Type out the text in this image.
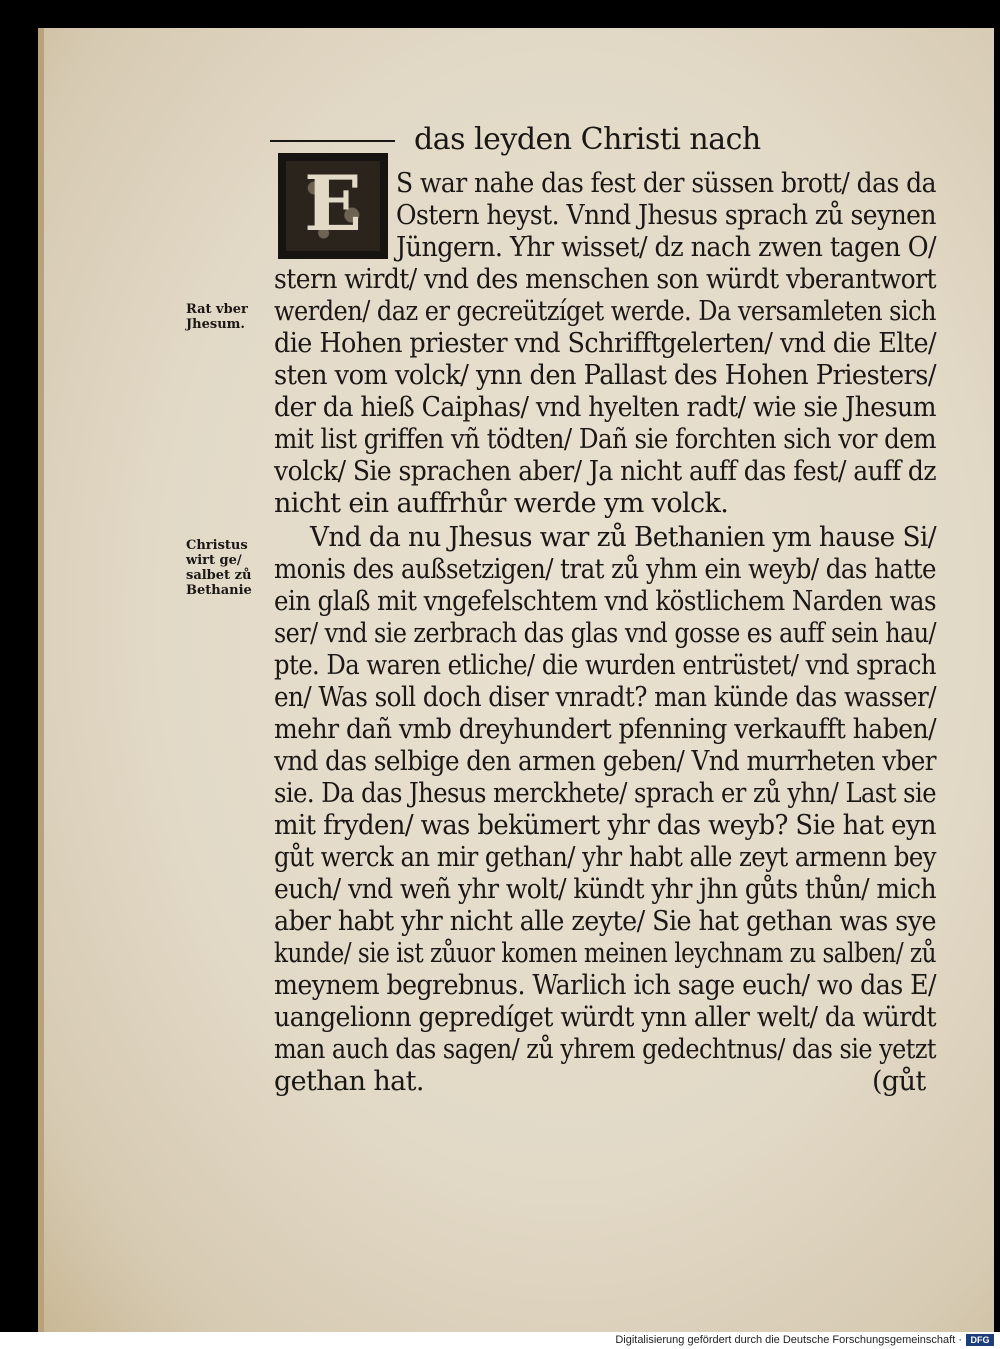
das leyden Christi nach
E
Rat vber
Jhesum.
Christus
wirt ge/
salbet zů
Bethanie
S war nahe das fest der süssen brott/ das da
Ostern heyst. Vnnd Jhesus sprach zů seynen
Jüngern. Yhr wisset/ dz nach zwen tagen O/
stern wirdt/ vnd des menschen son würdt vberantwort
werden/ daz er gecreützíget werde. Da versamleten sich
die Hohen priester vnd Schrifftgelerten/ vnd die Elte/
sten vom volck/ ynn den Pallast des Hohen Priesters/
der da hieß Caiphas/ vnd hyelten radt/ wie sie Jhesum
mit list griffen vñ tödten/ Dañ sie forchten sich vor dem
volck/ Sie sprachen aber/ Ja nicht auff das fest/ auff dz
nicht ein auffrhůr werde ym volck.
Vnd da nu Jhesus war zů Bethanien ym hause Si/
monis des außsetzigen/ trat zů yhm ein weyb/ das hatte
ein glaß mit vngefelschtem vnd köstlichem Narden was
ser/ vnd sie zerbrach das glas vnd gosse es auff sein hau/
pte. Da waren etliche/ die wurden entrüstet/ vnd sprach
en/ Was soll doch diser vnradt? man künde das wasser/
mehr dañ vmb dreyhundert pfenning verkaufft haben/
vnd das selbige den armen geben/ Vnd murrheten vber
sie. Da das Jhesus merckhete/ sprach er zů yhn/ Last sie
mit fryden/ was bekümert yhr das weyb? Sie hat eyn
gůt werck an mir gethan/ yhr habt alle zeyt armenn bey
euch/ vnd weñ yhr wolt/ kündt yhr jhn gůts thůn/ mich
aber habt yhr nicht alle zeyte/ Sie hat gethan was sye
kunde/ sie ist zůuor komen meinen leychnam zu salben/ zů
meynem begrebnus. Warlich ich sage euch/ wo das E/
uangelionn gepredíget würdt ynn aller welt/ da würdt
man auch das sagen/ zů yhrem gedechtnus/ das sie yetzt
gethan hat.	(gůt
Digitalisierung gefördert durch die Deutsche Forschungsgemeinschaft · DFG
